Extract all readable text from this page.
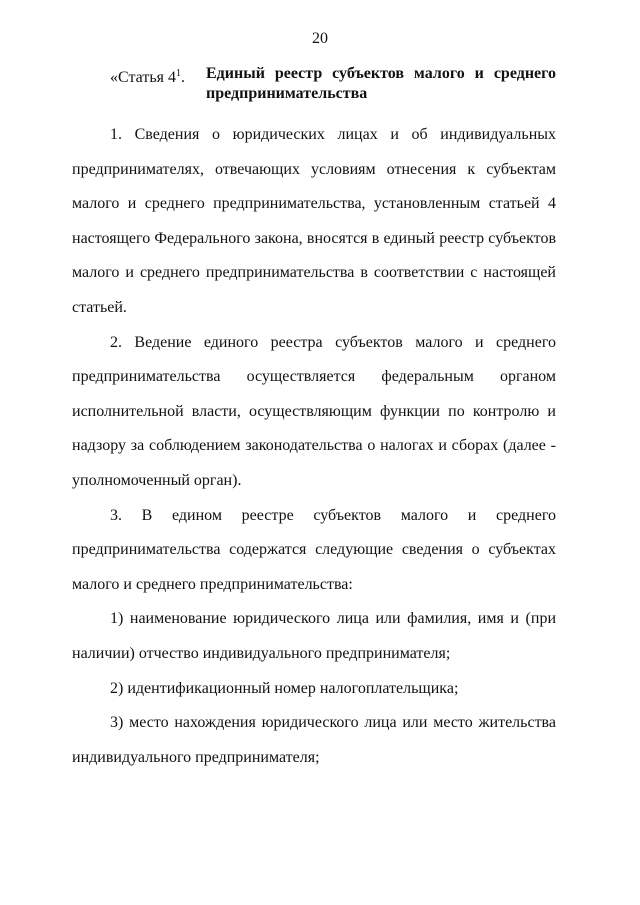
20
«Статья $4^1$.	Единый реестр субъектов малого и среднего предпринимательства

1. Сведения о юридических лицах и об индивидуальных предпринимателях, отвечающих условиям отнесения к субъектам малого и среднего предпринимательства, установленным статьей 4 настоящего Федерального закона, вносятся в единый реестр субъектов малого и среднего предпринимательства в соответствии с настоящей статьей.

2. Ведение единого реестра субъектов малого и среднего предпринимательства осуществляется федеральным органом исполнительной власти, осуществляющим функции по контролю и надзору за соблюдением законодательства о налогах и сборах (далее - уполномоченный орган).

3. В едином реестре субъектов малого и среднего предпринимательства содержатся следующие сведения о субъектах малого и среднего предпринимательства:

1) наименование юридического лица или фамилия, имя и (при наличии) отчество индивидуального предпринимателя;

2) идентификационный номер налогоплательщика;

3) место нахождения юридического лица или место жительства индивидуального предпринимателя;
